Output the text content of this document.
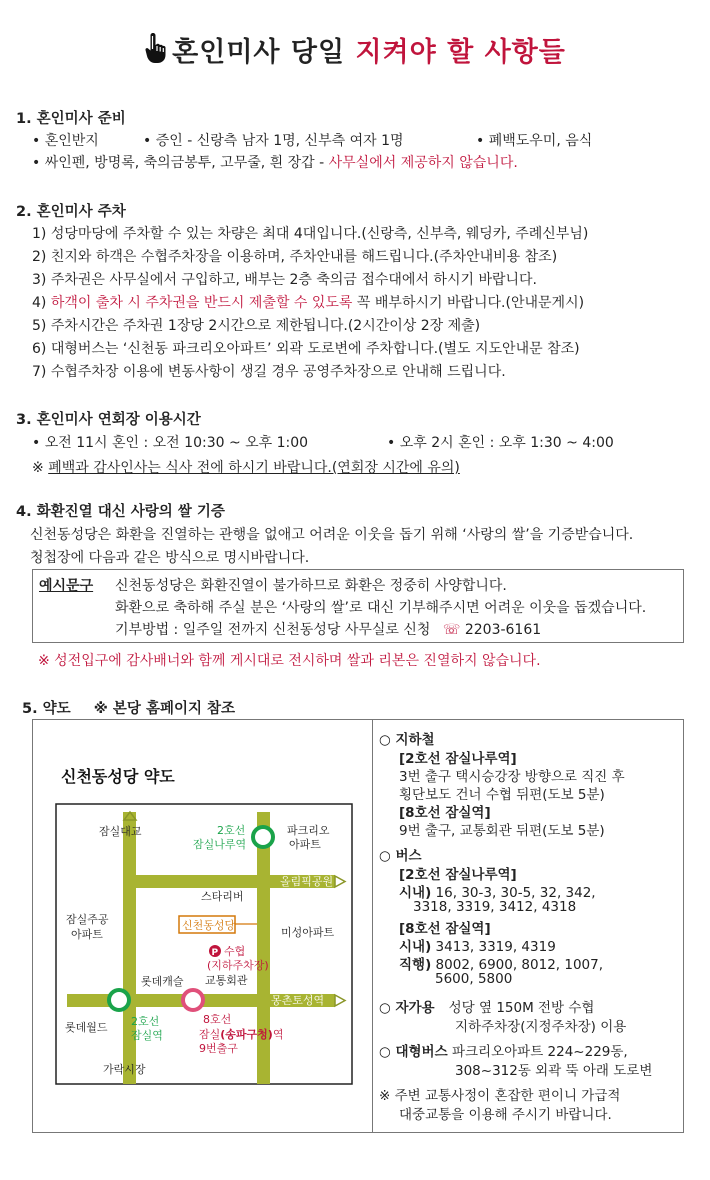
혼인미사 당일 지켜야 할 사항들
1. 혼인미사 준비
• 혼인반지	• 증인 - 신랑측 남자 1명, 신부측 여자 1명	• 폐백도우미, 음식
• 싸인펜, 방명록, 축의금봉투, 고무줄, 흰 장갑 - 사무실에서 제공하지 않습니다.
2. 혼인미사 주차
1) 성당마당에 주차할 수 있는 차량은 최대 4대입니다.(신랑측, 신부측, 웨딩카, 주례신부님)
2) 친지와 하객은 수협주차장을 이용하며, 주차안내를 해드립니다.(주차안내비용 참조)
3) 주차권은 사무실에서 구입하고, 배부는 2층 축의금 접수대에서 하시기 바랍니다.
4) 하객이 출차 시 주차권을 반드시 제출할 수 있도록 꼭 배부하시기 바랍니다.(안내문게시)
5) 주차시간은 주차권 1장당 2시간으로 제한됩니다.(2시간이상 2장 제출)
6) 대형버스는 ‘신천동 파크리오아파트’ 외곽 도로변에 주차합니다.(별도 지도안내문 참조)
7) 수협주차장 이용에 변동사항이 생길 경우 공영주차장으로 안내해 드립니다.
3. 혼인미사 연회장 이용시간
• 오전 11시 혼인 : 오전 10:30 ~ 오후 1:00	• 오후 2시 혼인 : 오후 1:30 ~ 4:00
※ 폐백과 감사인사는 식사 전에 하시기 바랍니다.(연회장 시간에 유의)
4. 화환진열 대신 사랑의 쌀 기증
신천동성당은 화환을 진열하는 관행을 없애고 어려운 이웃을 돕기 위해 ‘사랑의 쌀’을 기증받습니다.
청첩장에 다음과 같은 방식으로 명시바랍니다.
예시문구 신천동성당은 화환진열이 불가하므로 화환은 정중히 사양합니다.
화환으로 축하해 주실 분은 ‘사랑의 쌀’로 대신 기부해주시면 어려운 이웃을 돕겠습니다.
기부방법 : 일주일 전까지 신천동성당 사무실로 신청 ☏ 2203-6161
※ 성전입구에 감사배너와 함께 게시대로 전시하며 쌀과 리본은 진열하지 않습니다.
5. 약도 ※ 본당 홈페이지 참조
신천동성당 약도
올림픽공원
몽촌토성역
잠실대교	2호선
잠실나루역
파크리오
아파트
스타리버
신천동성당
미성아파트
잠실주공
아파트
P 수협
(지하주차장)
롯데캐슬 교통회관
롯데월드 2호선
잠실역
8호선
잠실(송파구청)역
9번출구
가락시장
○ 지하철
[2호선 잠실나루역]
3번 출구 택시승강장 방향으로 직진 후
횡단보도 건너 수협 뒤편(도보 5분)
[8호선 잠실역]
9번 출구, 교통회관 뒤편(도보 5분)
○ 버스
[2호선 잠실나루역]
시내) 16, 30-3, 30-5, 32, 342,
3318, 3319, 3412, 4318
[8호선 잠실역]
시내) 3413, 3319, 4319
직행) 8002, 6900, 8012, 1007,
5600, 5800
○ 자가용 성당 옆 150M 전방 수협
지하주차장(지정주차장) 이용
○ 대형버스 파크리오아파트 224~229동,
308~312동 외곽 뚝 아래 도로변
※ 주변 교통사정이 혼잡한 편이니 가급적
대중교통을 이용해 주시기 바랍니다.
